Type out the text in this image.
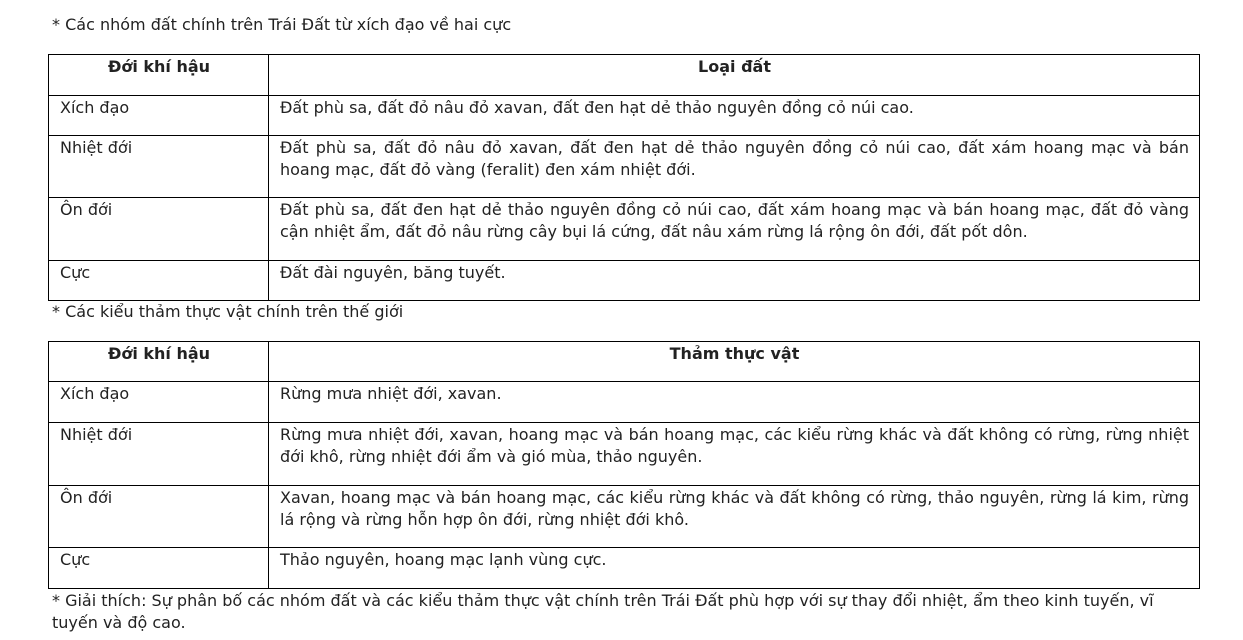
* Các nhóm đất chính trên Trái Đất từ xích đạo về hai cực
Đới khí hậu	Loại đất
Xích đạo	Đất phù sa, đất đỏ nâu đỏ xavan, đất đen hạt dẻ thảo nguyên đồng cỏ núi cao.
Nhiệt đới	Đất phù sa, đất đỏ nâu đỏ xavan, đất đen hạt dẻ thảo nguyên đồng cỏ núi cao, đất xám hoang mạc và bán hoang mạc, đất đỏ vàng (feralit) đen xám nhiệt đới.
Ôn đới	Đất phù sa, đất đen hạt dẻ thảo nguyên đồng cỏ núi cao, đất xám hoang mạc và bán hoang mạc, đất đỏ vàng cận nhiệt ẩm, đất đỏ nâu rừng cây bụi lá cứng, đất nâu xám rừng lá rộng ôn đới, đất pốt dôn.
Cực	Đất đài nguyên, băng tuyết.
* Các kiểu thảm thực vật chính trên thế giới
Đới khí hậu	Thảm thực vật
Xích đạo	Rừng mưa nhiệt đới, xavan.
Nhiệt đới	Rừng mưa nhiệt đới, xavan, hoang mạc và bán hoang mạc, các kiểu rừng khác và đất không có rừng, rừng nhiệt đới khô, rừng nhiệt đới ẩm và gió mùa, thảo nguyên.
Ôn đới	Xavan, hoang mạc và bán hoang mạc, các kiểu rừng khác và đất không có rừng, thảo nguyên, rừng lá kim, rừng lá rộng và rừng hỗn hợp ôn đới, rừng nhiệt đới khô.
Cực	Thảo nguyên, hoang mạc lạnh vùng cực.
* Giải thích: Sự phân bố các nhóm đất và các kiểu thảm thực vật chính trên Trái Đất phù hợp với sự thay đổi nhiệt, ẩm theo kinh tuyến, vĩ tuyến và độ cao.
